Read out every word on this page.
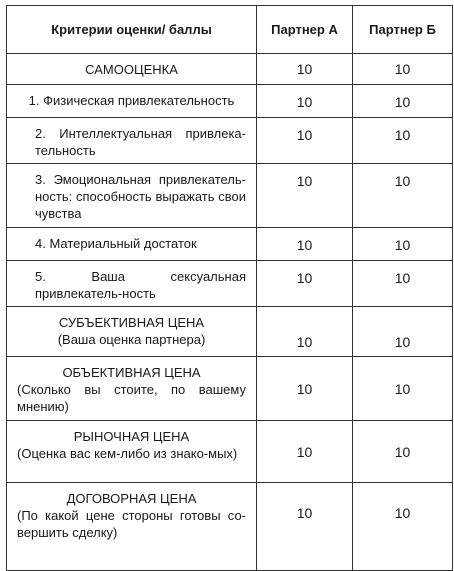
Критерии оценки/ баллы	Партнер А	Партнер Б
САМООЦЕНКА	10	10
1. Физическая привлекательность	10	10
2. Интеллектуальная привлека-тельность	10	10
3. Эмоциональная привлекатель-ность: способность выражать свои чувства	10	10
4. Материальный достаток	10	10
5. Ваша сексуальная привлекатель-ность	10	10

СУБЪЕКТИВНАЯ ЦЕНА
(Ваша оценка партнера)	10	10

ОБЪЕКТИВНАЯ ЦЕНА
(Сколько вы стоите, по вашему мнению)	10	10

РЫНОЧНАЯ ЦЕНА
(Оценка вас кем-либо из знако-мых)	10	10

ДОГОВОРНАЯ ЦЕНА
(По какой цене стороны готовы со-вершить сделку)	10	10
